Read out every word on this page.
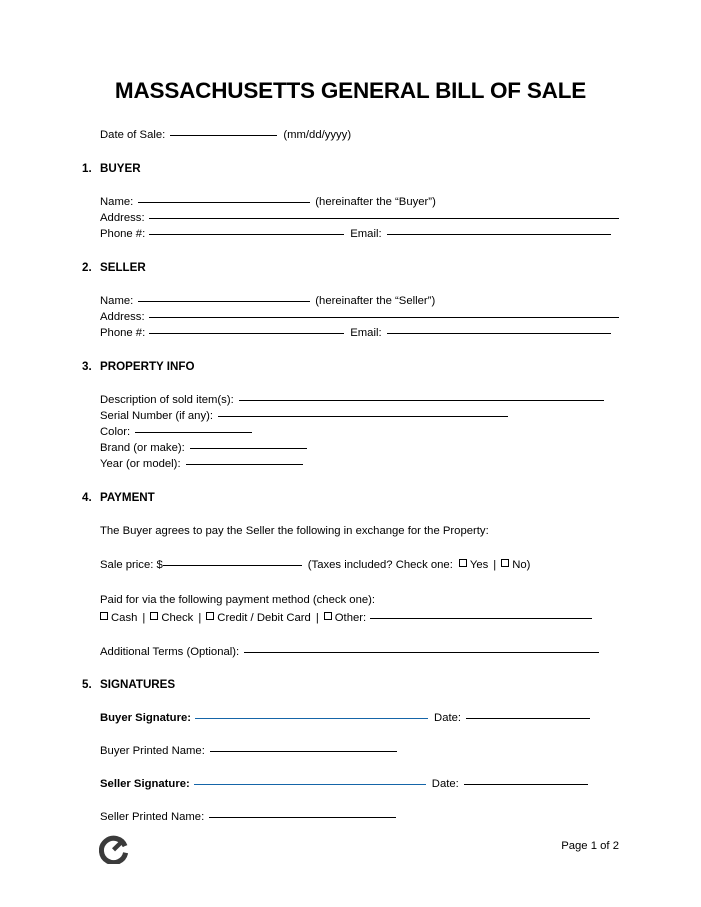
MASSACHUSETTS GENERAL BILL OF SALE
Date of Sale:	(mm/dd/yyyy)
1. BUYER
Name:	(hereinafter the “Buyer”)
Address:
Phone #:	Email:
2. SELLER
Name:	(hereinafter the “Seller”)
Address:
Phone #:	Email:
3. PROPERTY INFO
Description of sold item(s):
Serial Number (if any):
Color:
Brand (or make):
Year (or model):
4. PAYMENT
The Buyer agrees to pay the Seller the following in exchange for the Property:
Sale price: $	(Taxes included? Check one: Yes | No)
Paid for via the following payment method (check one):
Cash | Check | Credit / Debit Card | Other:
Additional Terms (Optional):
5. SIGNATURES
Buyer Signature:	Date:
Buyer Printed Name:
Seller Signature:	Date:
Seller Printed Name:
Page 1 of 2
